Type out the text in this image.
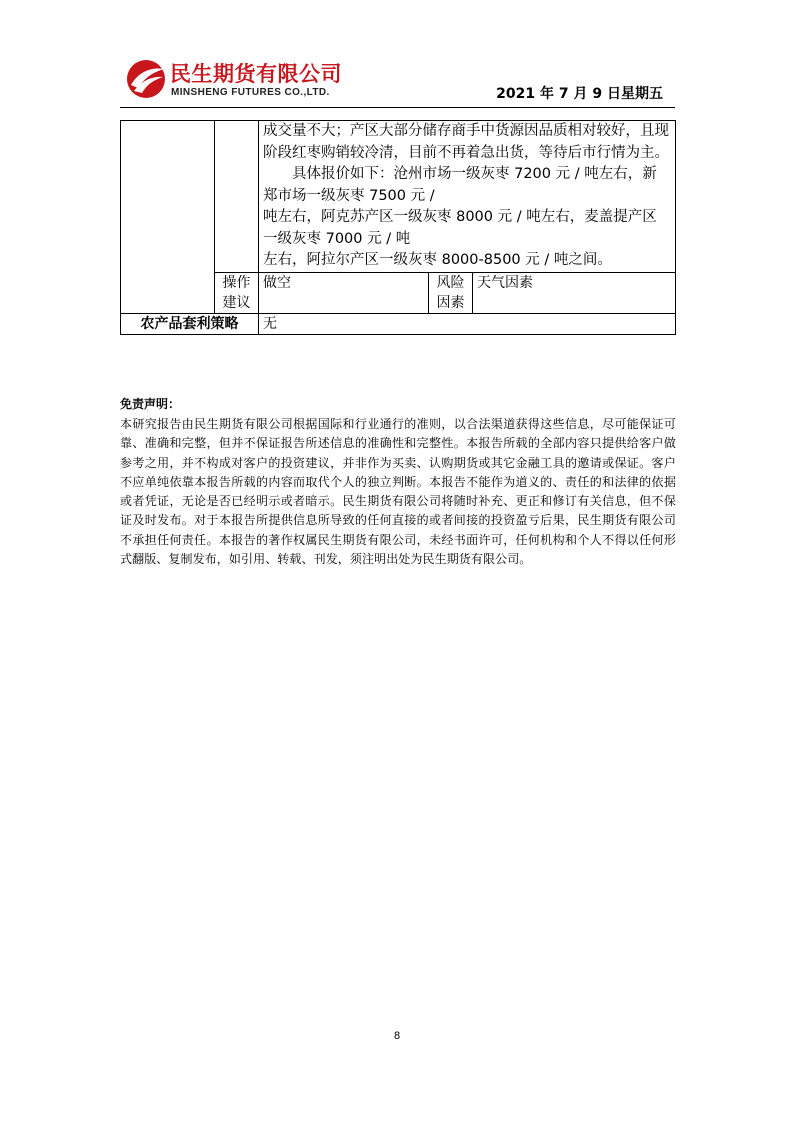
民生期货有限公司
MINSHENG FUTURES CO.,LTD.	2021 年 7 月 9 日星期五

		成交量不大；产区大部分储存商手中货源因品质相对较好，且现阶段红枣购销较冷清，目前不再着急出货，等待后市行情为主。

具体报价如下：沧州市场一级灰枣 7200 元 / 吨左右，新郑市场一级灰枣 7500 元 /

吨左右，阿克苏产区一级灰枣 8000 元 / 吨左右，麦盖提产区一级灰枣 7000 元 / 吨

左右，阿拉尔产区一级灰枣 8000-8500 元 / 吨之间。		

	操作建议	做空	风险因素	天气因素
农产品套利策略		无		

免责声明：

本研究报告由民生期货有限公司根据国际和行业通行的准则，以合法渠道获得这些信息，尽可能保证可靠、准确和完整，但并不保证报告所述信息的准确性和完整性。本报告所载的全部内容只提供给客户做参考之用，并不构成对客户的投资建议，并非作为买卖、认购期货或其它金融工具的邀请或保证。客户不应单纯依靠本报告所载的内容而取代个人的独立判断。本报告不能作为道义的、责任的和法律的依据或者凭证，无论是否已经明示或者暗示。民生期货有限公司将随时补充、更正和修订有关信息，但不保证及时发布。对于本报告所提供信息所导致的任何直接的或者间接的投资盈亏后果，民生期货有限公司不承担任何责任。本报告的著作权属民生期货有限公司，未经书面许可，任何机构和个人不得以任何形式翻版、复制发布，如引用、转载、刊发，须注明出处为民生期货有限公司。

8
